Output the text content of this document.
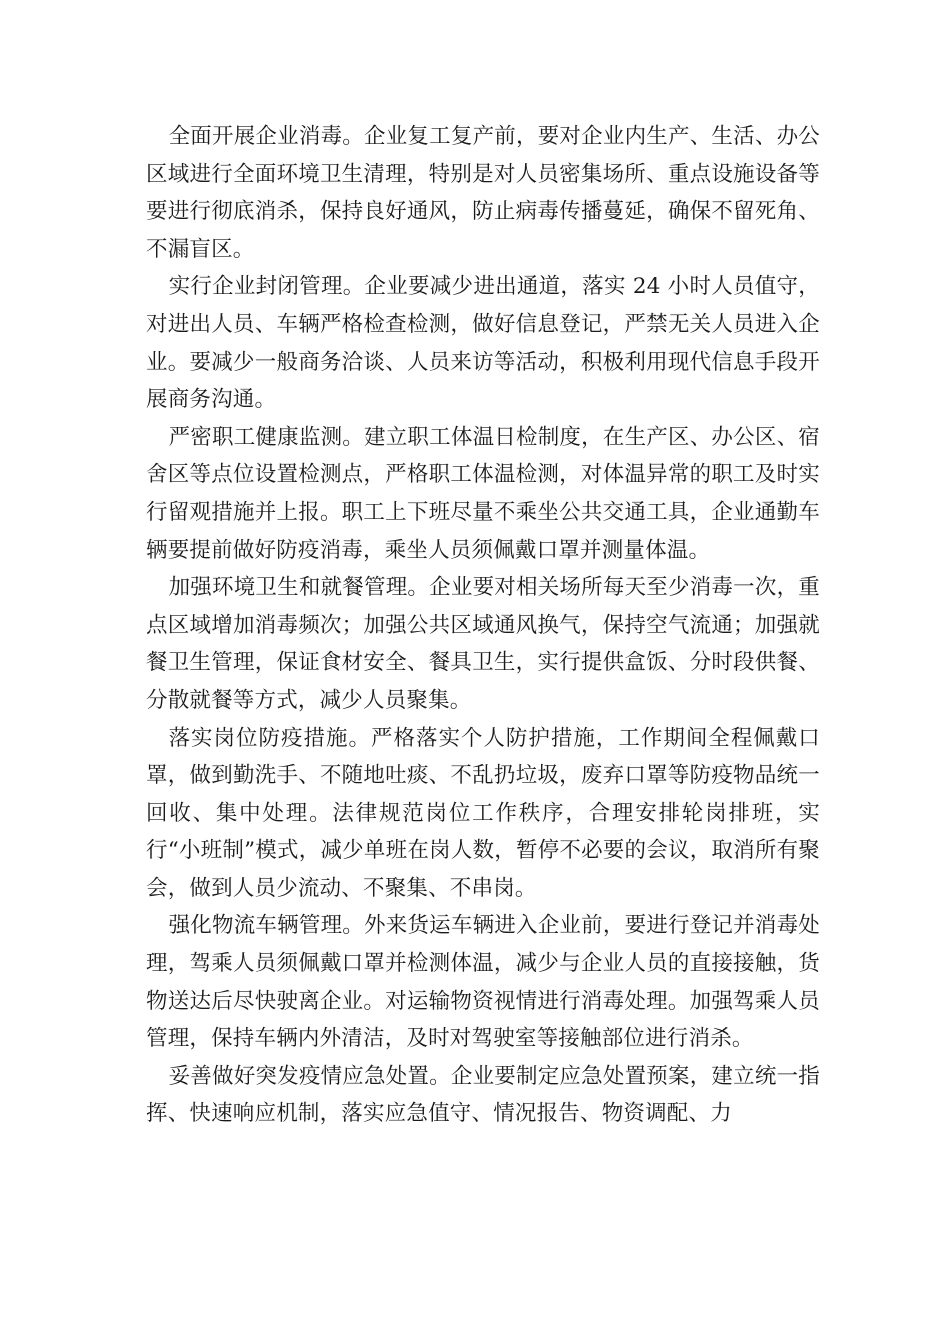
全面开展企业消毒。企业复工复产前，要对企业内生产、生活、办公区域进行全面环境卫生清理，特别是对人员密集场所、重点设施设备等要进行彻底消杀，保持良好通风，防止病毒传播蔓延，确保不留死角、不漏盲区。

实行企业封闭管理。企业要减少进出通道，落实 24 小时人员值守，对进出人员、车辆严格检查检测，做好信息登记，严禁无关人员进入企业。要减少一般商务洽谈、人员来访等活动，积极利用现代信息手段开展商务沟通。

严密职工健康监测。建立职工体温日检制度，在生产区、办公区、宿舍区等点位设置检测点，严格职工体温检测，对体温异常的职工及时实行留观措施并上报。职工上下班尽量不乘坐公共交通工具，企业通勤车辆要提前做好防疫消毒，乘坐人员须佩戴口罩并测量体温。

加强环境卫生和就餐管理。企业要对相关场所每天至少消毒一次，重点区域增加消毒频次；加强公共区域通风换气，保持空气流通；加强就餐卫生管理，保证食材安全、餐具卫生，实行提供盒饭、分时段供餐、分散就餐等方式，减少人员聚集。

落实岗位防疫措施。严格落实个人防护措施，工作期间全程佩戴口罩，做到勤洗手、不随地吐痰、不乱扔垃圾，废弃口罩等防疫物品统一回收、集中处理。法律规范岗位工作秩序，合理安排轮岗排班，实行“小班制”模式，减少单班在岗人数，暂停不必要的会议，取消所有聚会，做到人员少流动、不聚集、不串岗。

强化物流车辆管理。外来货运车辆进入企业前，要进行登记并消毒处理，驾乘人员须佩戴口罩并检测体温，减少与企业人员的直接接触，货物送达后尽快驶离企业。对运输物资视情进行消毒处理。加强驾乘人员管理，保持车辆内外清洁，及时对驾驶室等接触部位进行消杀。

妥善做好突发疫情应急处置。企业要制定应急处置预案，建立统一指挥、快速响应机制，落实应急值守、情况报告、物资调配、力
